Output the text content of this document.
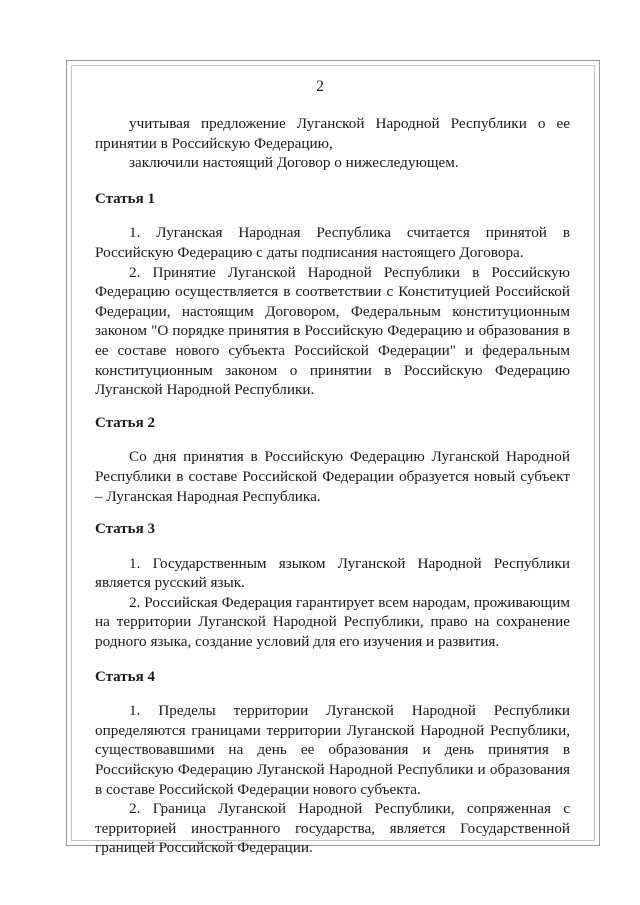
2

учитывая предложение Луганской Народной Республики о ее принятии в Российскую Федерацию,

заключили настоящий Договор о нижеследующем.

Статья 1

1. Луганская Народная Республика считается принятой в Российскую Федерацию с даты подписания настоящего Договора.

2. Принятие Луганской Народной Республики в Российскую Федерацию осуществляется в соответствии с Конституцией Российской Федерации, настоящим Договором, Федеральным конституционным законом "О порядке принятия в Российскую Федерацию и образования в ее составе нового субъекта Российской Федерации" и федеральным конституционным законом о принятии в Российскую Федерацию Луганской Народной Республики.

Статья 2

Со дня принятия в Российскую Федерацию Луганской Народной Республики в составе Российской Федерации образуется новый субъект – Луганская Народная Республика.

Статья 3

1. Государственным языком Луганской Народной Республики является русский язык.

2. Российская Федерация гарантирует всем народам, проживающим на территории Луганской Народной Республики, право на сохранение родного языка, создание условий для его изучения и развития.

Статья 4

1. Пределы территории Луганской Народной Республики определяются границами территории Луганской Народной Республики, существовавшими на день ее образования и день принятия в Российскую Федерацию Луганской Народной Республики и образования в составе Российской Федерации нового субъекта.

2. Граница Луганской Народной Республики, сопряженная с территорией иностранного государства, является Государственной границей Российской Федерации.
